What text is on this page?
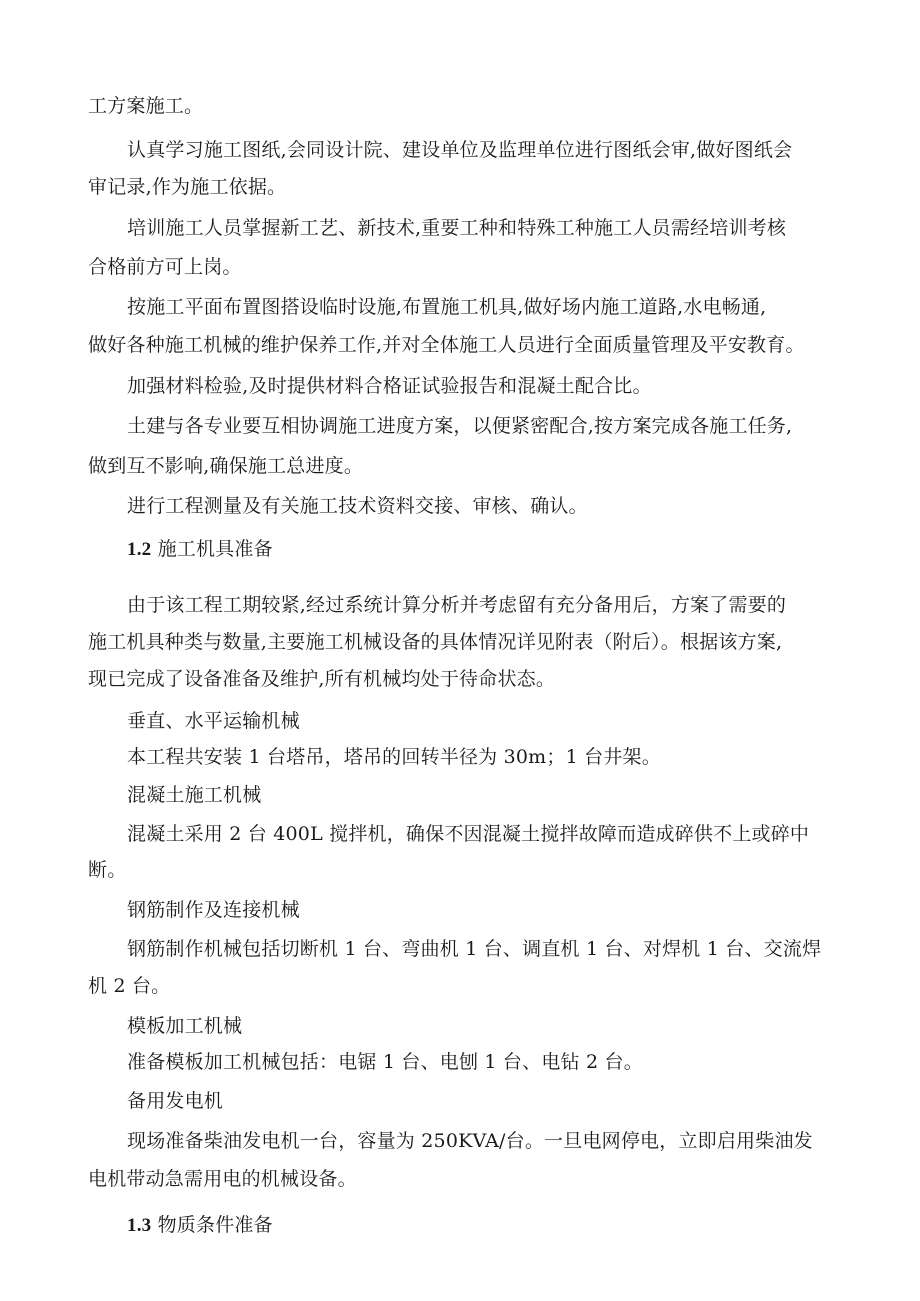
工方案施工。
认真学习施工图纸,会同设计院、建设单位及监理单位进行图纸会审,做好图纸会
审记录,作为施工依据。
培训施工人员掌握新工艺、新技术,重要工种和特殊工种施工人员需经培训考核
合格前方可上岗。
按施工平面布置图搭设临时设施,布置施工机具,做好场内施工道路,水电畅通,
做好各种施工机械的维护保养工作,并对全体施工人员进行全面质量管理及平安教育。
加强材料检验,及时提供材料合格证试验报告和混凝土配合比。
土建与各专业要互相协调施工进度方案，以便紧密配合,按方案完成各施工任务,
做到互不影响,确保施工总进度。
进行工程测量及有关施工技术资料交接、审核、确认。
1.2 施工机具准备
由于该工程工期较紧,经过系统计算分析并考虑留有充分备用后，方案了需要的
施工机具种类与数量,主要施工机械设备的具体情况详见附表（附后）。根据该方案,
现已完成了设备准备及维护,所有机械均处于待命状态。
垂直、水平运输机械
本工程共安装 1 台塔吊，塔吊的回转半径为 30m；1 台井架。
混凝土施工机械
混凝土采用 2 台 400L 搅拌机，确保不因混凝土搅拌故障而造成碎供不上或碎中
断。
钢筋制作及连接机械
钢筋制作机械包括切断机 1 台、弯曲机 1 台、调直机 1 台、对焊机 1 台、交流焊
机 2 台。
模板加工机械
准备模板加工机械包括：电锯 1 台、电刨 1 台、电钻 2 台。
备用发电机
现场准备柴油发电机一台，容量为 250KVA/台。一旦电网停电，立即启用柴油发
电机带动急需用电的机械设备。
1.3 物质条件准备
